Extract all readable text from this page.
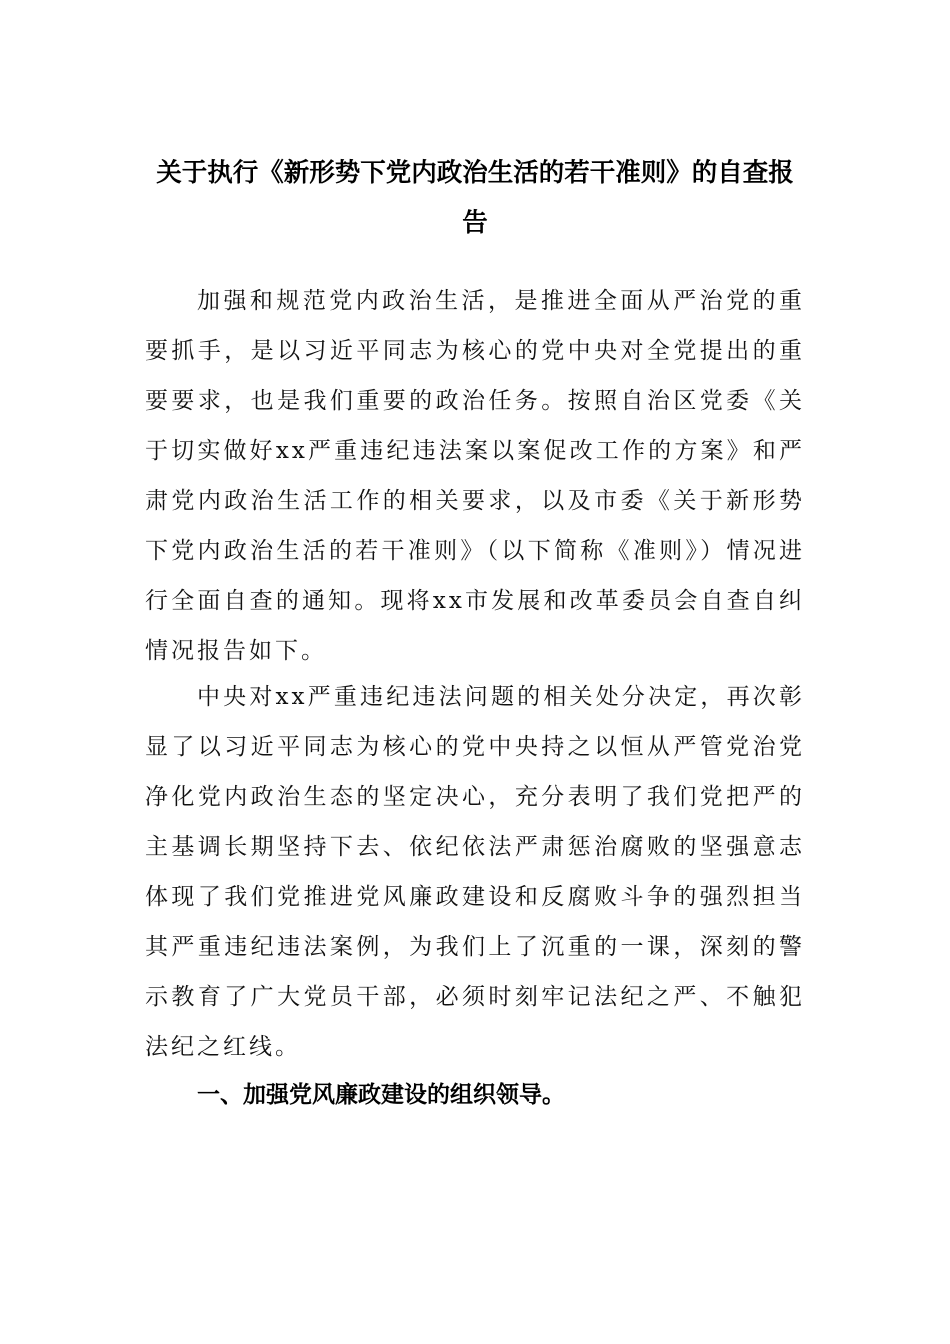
关于执行《新形势下党内政治生活的若干准则》的自查报告

加强和规范党内政治生活，是推进全面从严治党的重要抓手，是以习近平同志为核心的党中央对全党提出的重要要求，也是我们重要的政治任务。按照自治区党委《关于切实做好xx严重违纪违法案以案促改工作的方案》和严肃党内政治生活工作的相关要求，以及市委《关于新形势下党内政治生活的若干准则》（以下简称《准则》）情况进行全面自查的通知。现将xx市发展和改革委员会自查自纠情况报告如下。

中央对xx严重违纪违法问题的相关处分决定，再次彰显了以习近平同志为核心的党中央持之以恒从严管党治党净化党内政治生态的坚定决心，充分表明了我们党把严的主基调长期坚持下去、依纪依法严肃惩治腐败的坚强意志体现了我们党推进党风廉政建设和反腐败斗争的强烈担当其严重违纪违法案例，为我们上了沉重的一课，深刻的警示教育了广大党员干部，必须时刻牢记法纪之严、不触犯法纪之红线。

一、加强党风廉政建设的组织领导。
